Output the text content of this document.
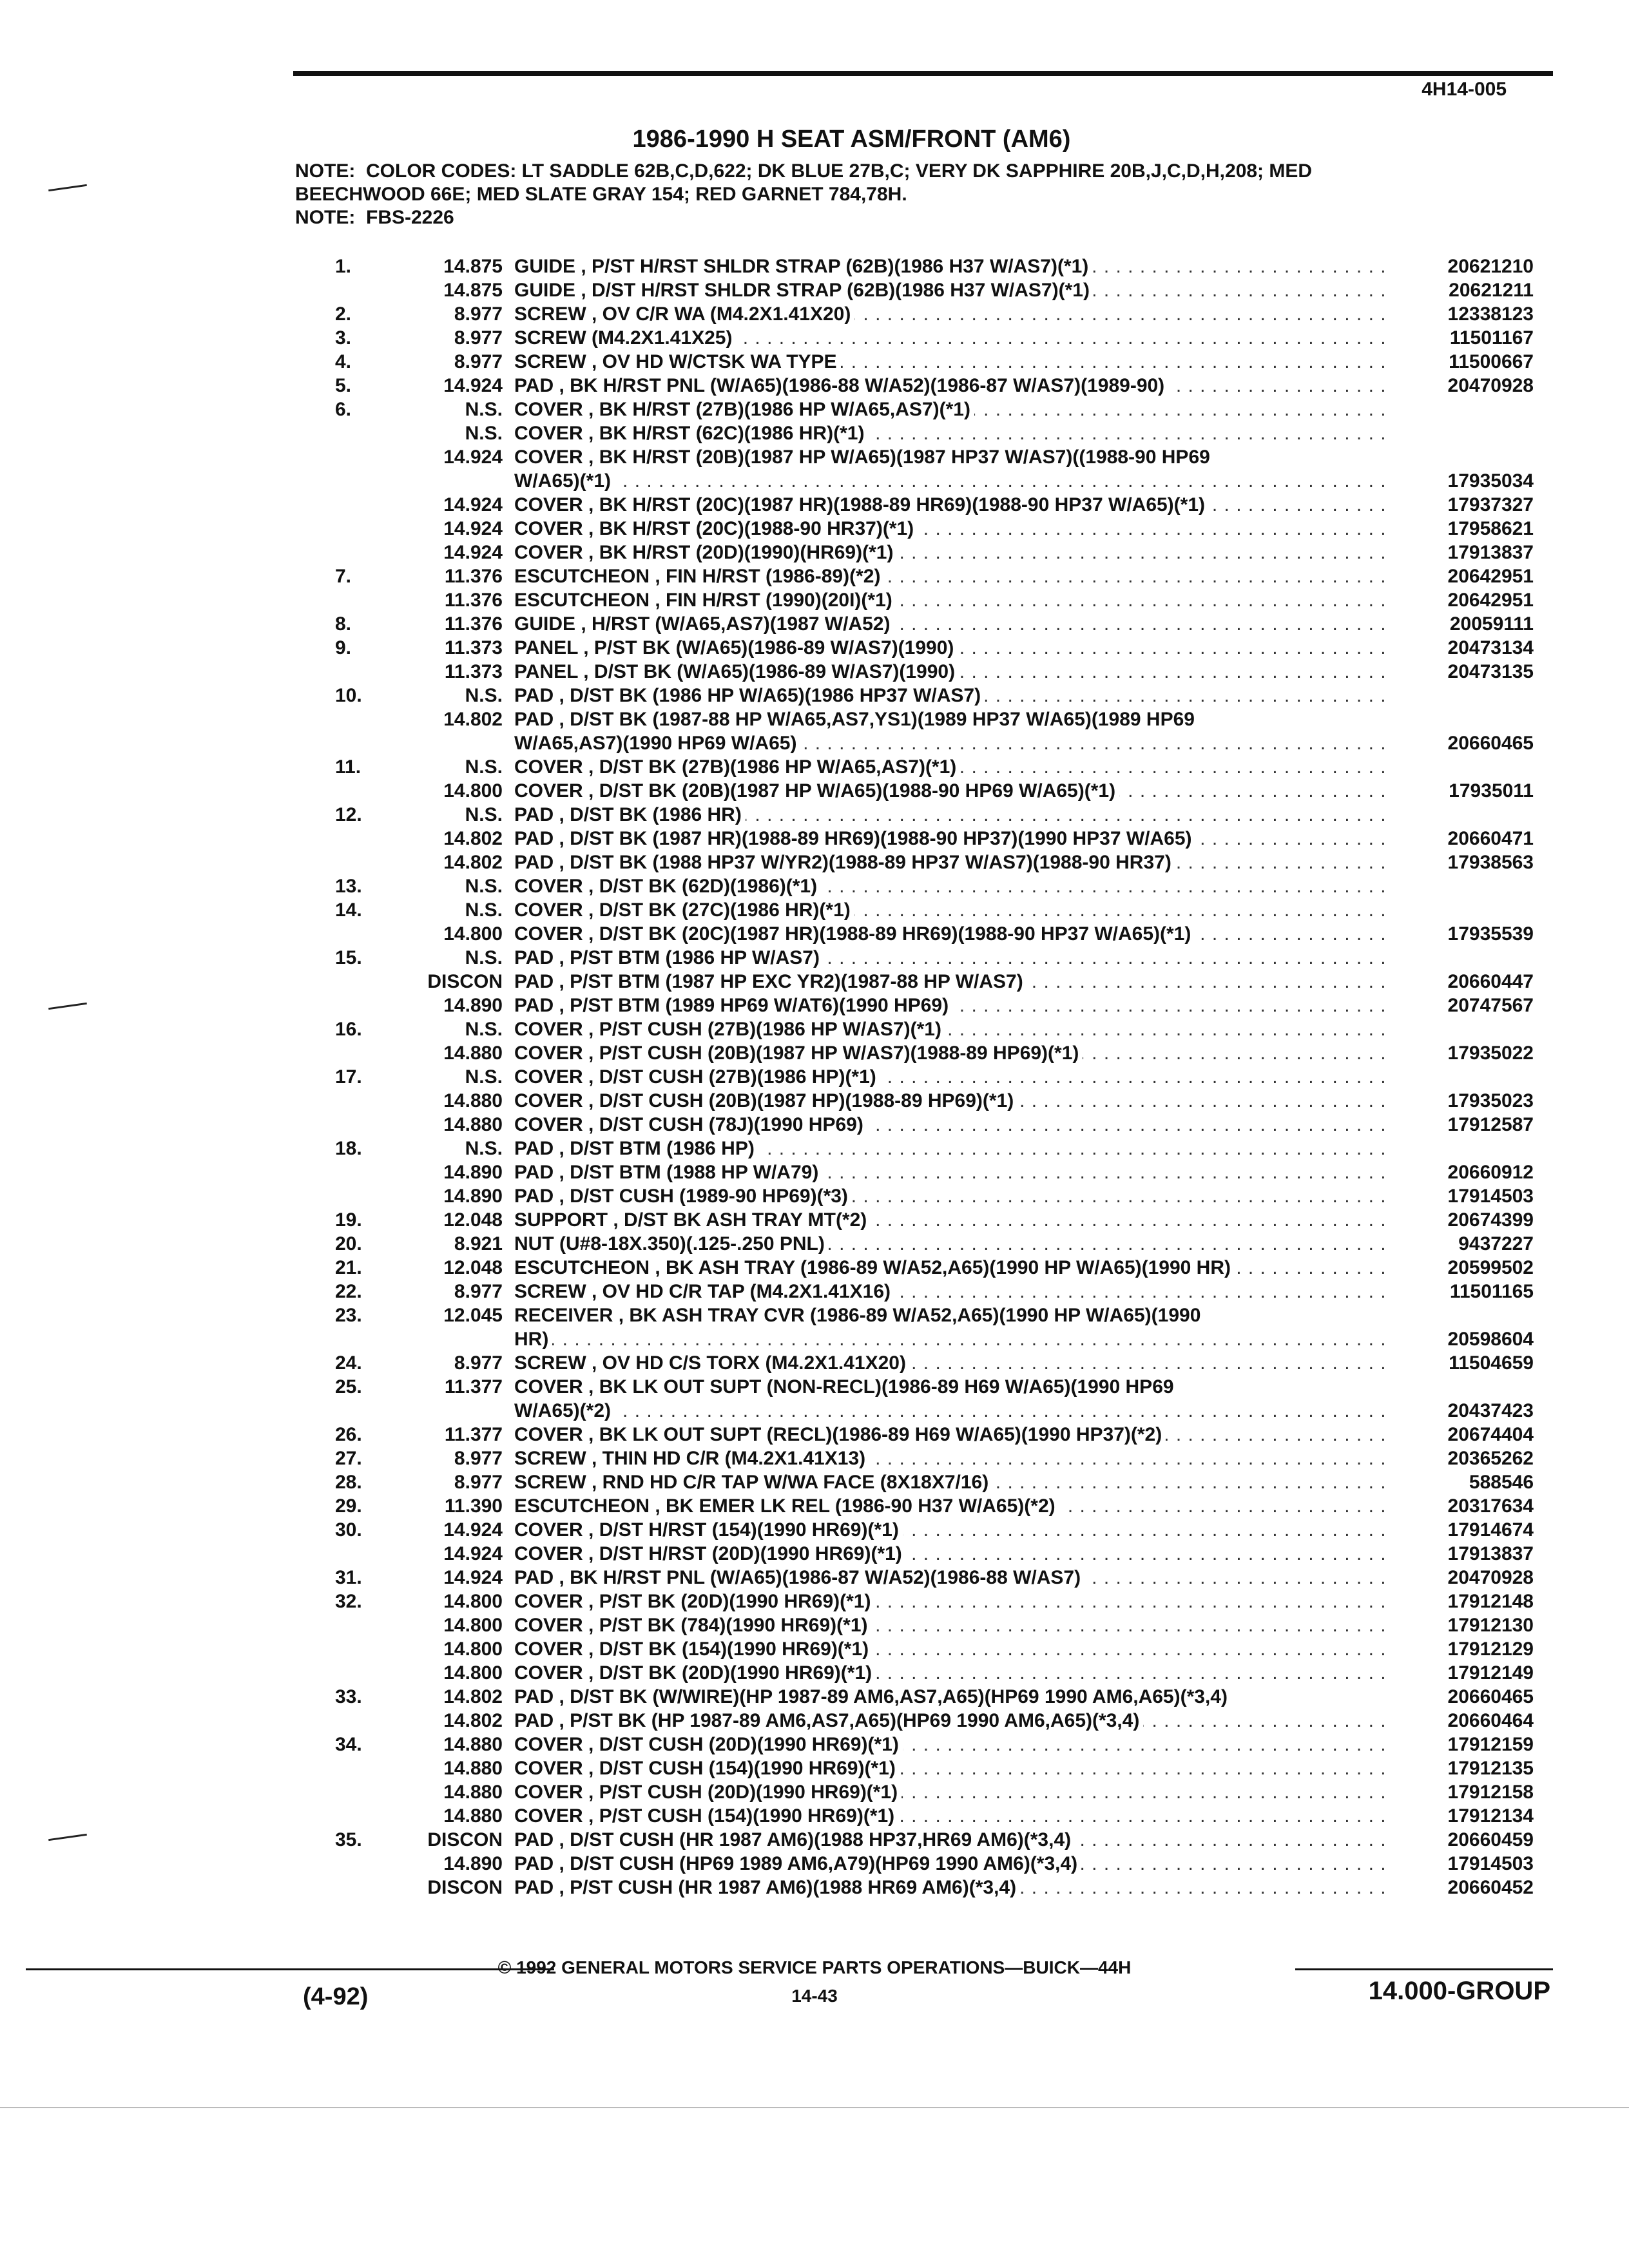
4H14-005
1986-1990 H SEAT ASM/FRONT (AM6)
NOTE:  COLOR CODES: LT SADDLE 62B,C,D,622; DK BLUE 27B,C; VERY DK SAPPHIRE 20B,J,C,D,H,208; MED
BEECHWOOD 66E; MED SLATE GRAY 154; RED GARNET 784,78H.
NOTE:  FBS-2226
1.	14.875 GUIDE , P/ST H/RST SHLDR STRAP (62B)(1986 H37 W/AS7)(*1) . . .	20621210
14.875 GUIDE , D/ST H/RST SHLDR STRAP (62B)(1986 H37 W/AS7)(*1) . . .	20621211
2.	8.977 SCREW , OV C/R WA (M4.2X1.41X20) . . .	12338123
3.	8.977 SCREW (M4.2X1.41X25) . . .	11501167
4.	8.977 SCREW , OV HD W/CTSK WA TYPE . . .	11500667
5.	14.924 PAD , BK H/RST PNL (W/A65)(1986-88 W/A52)(1986-87 W/AS7)(1989-90) . . .	20470928
6.	N.S. COVER , BK H/RST (27B)(1986 HP W/A65,AS7)(*1) . . .
N.S. COVER , BK H/RST (62C)(1986 HR)(*1) . . .
14.924 COVER , BK H/RST (20B)(1987 HP W/A65)(1987 HP37 W/AS7)((1988-90 HP69
W/A65)(*1) . . .	17935034
14.924 COVER , BK H/RST (20C)(1987 HR)(1988-89 HR69)(1988-90 HP37 W/A65)(*1) . . .	17937327
14.924 COVER , BK H/RST (20C)(1988-90 HR37)(*1) . . .	17958621
14.924 COVER , BK H/RST (20D)(1990)(HR69)(*1) . . .	17913837
7.	11.376 ESCUTCHEON , FIN H/RST (1986-89)(*2) . . .	20642951
11.376 ESCUTCHEON , FIN H/RST (1990)(20I)(*1) . . .	20642951
8.	11.376 GUIDE , H/RST (W/A65,AS7)(1987 W/A52) . . .	20059111
9.	11.373 PANEL , P/ST BK (W/A65)(1986-89 W/AS7)(1990) . . .	20473134
11.373 PANEL , D/ST BK (W/A65)(1986-89 W/AS7)(1990) . . .	20473135
10.	N.S. PAD , D/ST BK (1986 HP W/A65)(1986 HP37 W/AS7) . . .
14.802 PAD , D/ST BK (1987-88 HP W/A65,AS7,YS1)(1989 HP37 W/A65)(1989 HP69
W/A65,AS7)(1990 HP69 W/A65) . . .	20660465
11.	N.S. COVER , D/ST BK (27B)(1986 HP W/A65,AS7)(*1) . . .
14.800 COVER , D/ST BK (20B)(1987 HP W/A65)(1988-90 HP69 W/A65)(*1) . . .	17935011
12.	N.S. PAD , D/ST BK (1986 HR) . . .
14.802 PAD , D/ST BK (1987 HR)(1988-89 HR69)(1988-90 HP37)(1990 HP37 W/A65) . . .	20660471
14.802 PAD , D/ST BK (1988 HP37 W/YR2)(1988-89 HP37 W/AS7)(1988-90 HR37) . . .	17938563
13.	N.S. COVER , D/ST BK (62D)(1986)(*1) . . .
14.	N.S. COVER , D/ST BK (27C)(1986 HR)(*1) . . .
14.800 COVER , D/ST BK (20C)(1987 HR)(1988-89 HR69)(1988-90 HP37 W/A65)(*1) . . .	17935539
15.	N.S. PAD , P/ST BTM (1986 HP W/AS7) . . .
DISCON PAD , P/ST BTM (1987 HP EXC YR2)(1987-88 HP W/AS7) . . .	20660447
14.890 PAD , P/ST BTM (1989 HP69 W/AT6)(1990 HP69) . . .	20747567
16.	N.S. COVER , P/ST CUSH (27B)(1986 HP W/AS7)(*1) . . .
14.880 COVER , P/ST CUSH (20B)(1987 HP W/AS7)(1988-89 HP69)(*1) . . .	17935022
17.	N.S. COVER , D/ST CUSH (27B)(1986 HP)(*1) . . .
14.880 COVER , D/ST CUSH (20B)(1987 HP)(1988-89 HP69)(*1) . . .	17935023
14.880 COVER , D/ST CUSH (78J)(1990 HP69) . . .	17912587
18.	N.S. PAD , D/ST BTM (1986 HP) . . .
14.890 PAD , D/ST BTM (1988 HP W/A79) . . .	20660912
14.890 PAD , D/ST CUSH (1989-90 HP69)(*3) . . .	17914503
19.	12.048 SUPPORT , D/ST BK ASH TRAY MT(*2) . . .	20674399
20.	8.921 NUT (U#8-18X.350)(.125-.250 PNL) . . .	9437227
21.	12.048 ESCUTCHEON , BK ASH TRAY (1986-89 W/A52,A65)(1990 HP W/A65)(1990 HR) . . .	20599502
22.	8.977 SCREW , OV HD C/R TAP (M4.2X1.41X16) . . .	11501165
23.	12.045 RECEIVER , BK ASH TRAY CVR (1986-89 W/A52,A65)(1990 HP W/A65)(1990
HR) . . .	20598604
24.	8.977 SCREW , OV HD C/S TORX (M4.2X1.41X20) . . .	11504659
25.	11.377 COVER , BK LK OUT SUPT (NON-RECL)(1986-89 H69 W/A65)(1990 HP69
W/A65)(*2) . . .	20437423
26.	11.377 COVER , BK LK OUT SUPT (RECL)(1986-89 H69 W/A65)(1990 HP37)(*2) . . .	20674404
27.	8.977 SCREW , THIN HD C/R (M4.2X1.41X13) . . .	20365262
28.	8.977 SCREW , RND HD C/R TAP W/WA FACE (8X18X7/16) . . .	588546
29.	11.390 ESCUTCHEON , BK EMER LK REL (1986-90 H37 W/A65)(*2) . . .	20317634
30.	14.924 COVER , D/ST H/RST (154)(1990 HR69)(*1) . . .	17914674
14.924 COVER , D/ST H/RST (20D)(1990 HR69)(*1) . . .	17913837
31.	14.924 PAD , BK H/RST PNL (W/A65)(1986-87 W/A52)(1986-88 W/AS7) . . .	20470928
32.	14.800 COVER , P/ST BK (20D)(1990 HR69)(*1) . . .	17912148
14.800 COVER , P/ST BK (784)(1990 HR69)(*1) . . .	17912130
14.800 COVER , D/ST BK (154)(1990 HR69)(*1) . . .	17912129
14.800 COVER , D/ST BK (20D)(1990 HR69)(*1) . . .	17912149
33.	14.802 PAD , D/ST BK (W/WIRE)(HP 1987-89 AM6,AS7,A65)(HP69 1990 AM6,A65)(*3,4)	20660465
14.802 PAD , P/ST BK (HP 1987-89 AM6,AS7,A65)(HP69 1990 AM6,A65)(*3,4) . . .	20660464
34.	14.880 COVER , D/ST CUSH (20D)(1990 HR69)(*1) . . .	17912159
14.880 COVER , D/ST CUSH (154)(1990 HR69)(*1) . . .	17912135
14.880 COVER , P/ST CUSH (20D)(1990 HR69)(*1) . . .	17912158
14.880 COVER , P/ST CUSH (154)(1990 HR69)(*1) . . .	17912134
35.	DISCON PAD , D/ST CUSH (HR 1987 AM6)(1988 HP37,HR69 AM6)(*3,4) . . .	20660459
14.890 PAD , D/ST CUSH (HP69 1989 AM6,A79)(HP69 1990 AM6)(*3,4) . . .	17914503
DISCON PAD , P/ST CUSH (HR 1987 AM6)(1988 HR69 AM6)(*3,4) . . .	20660452
© 1992 GENERAL MOTORS SERVICE PARTS OPERATIONS—BUICK—44H
14-43
(4-92)	14.000-GROUP
